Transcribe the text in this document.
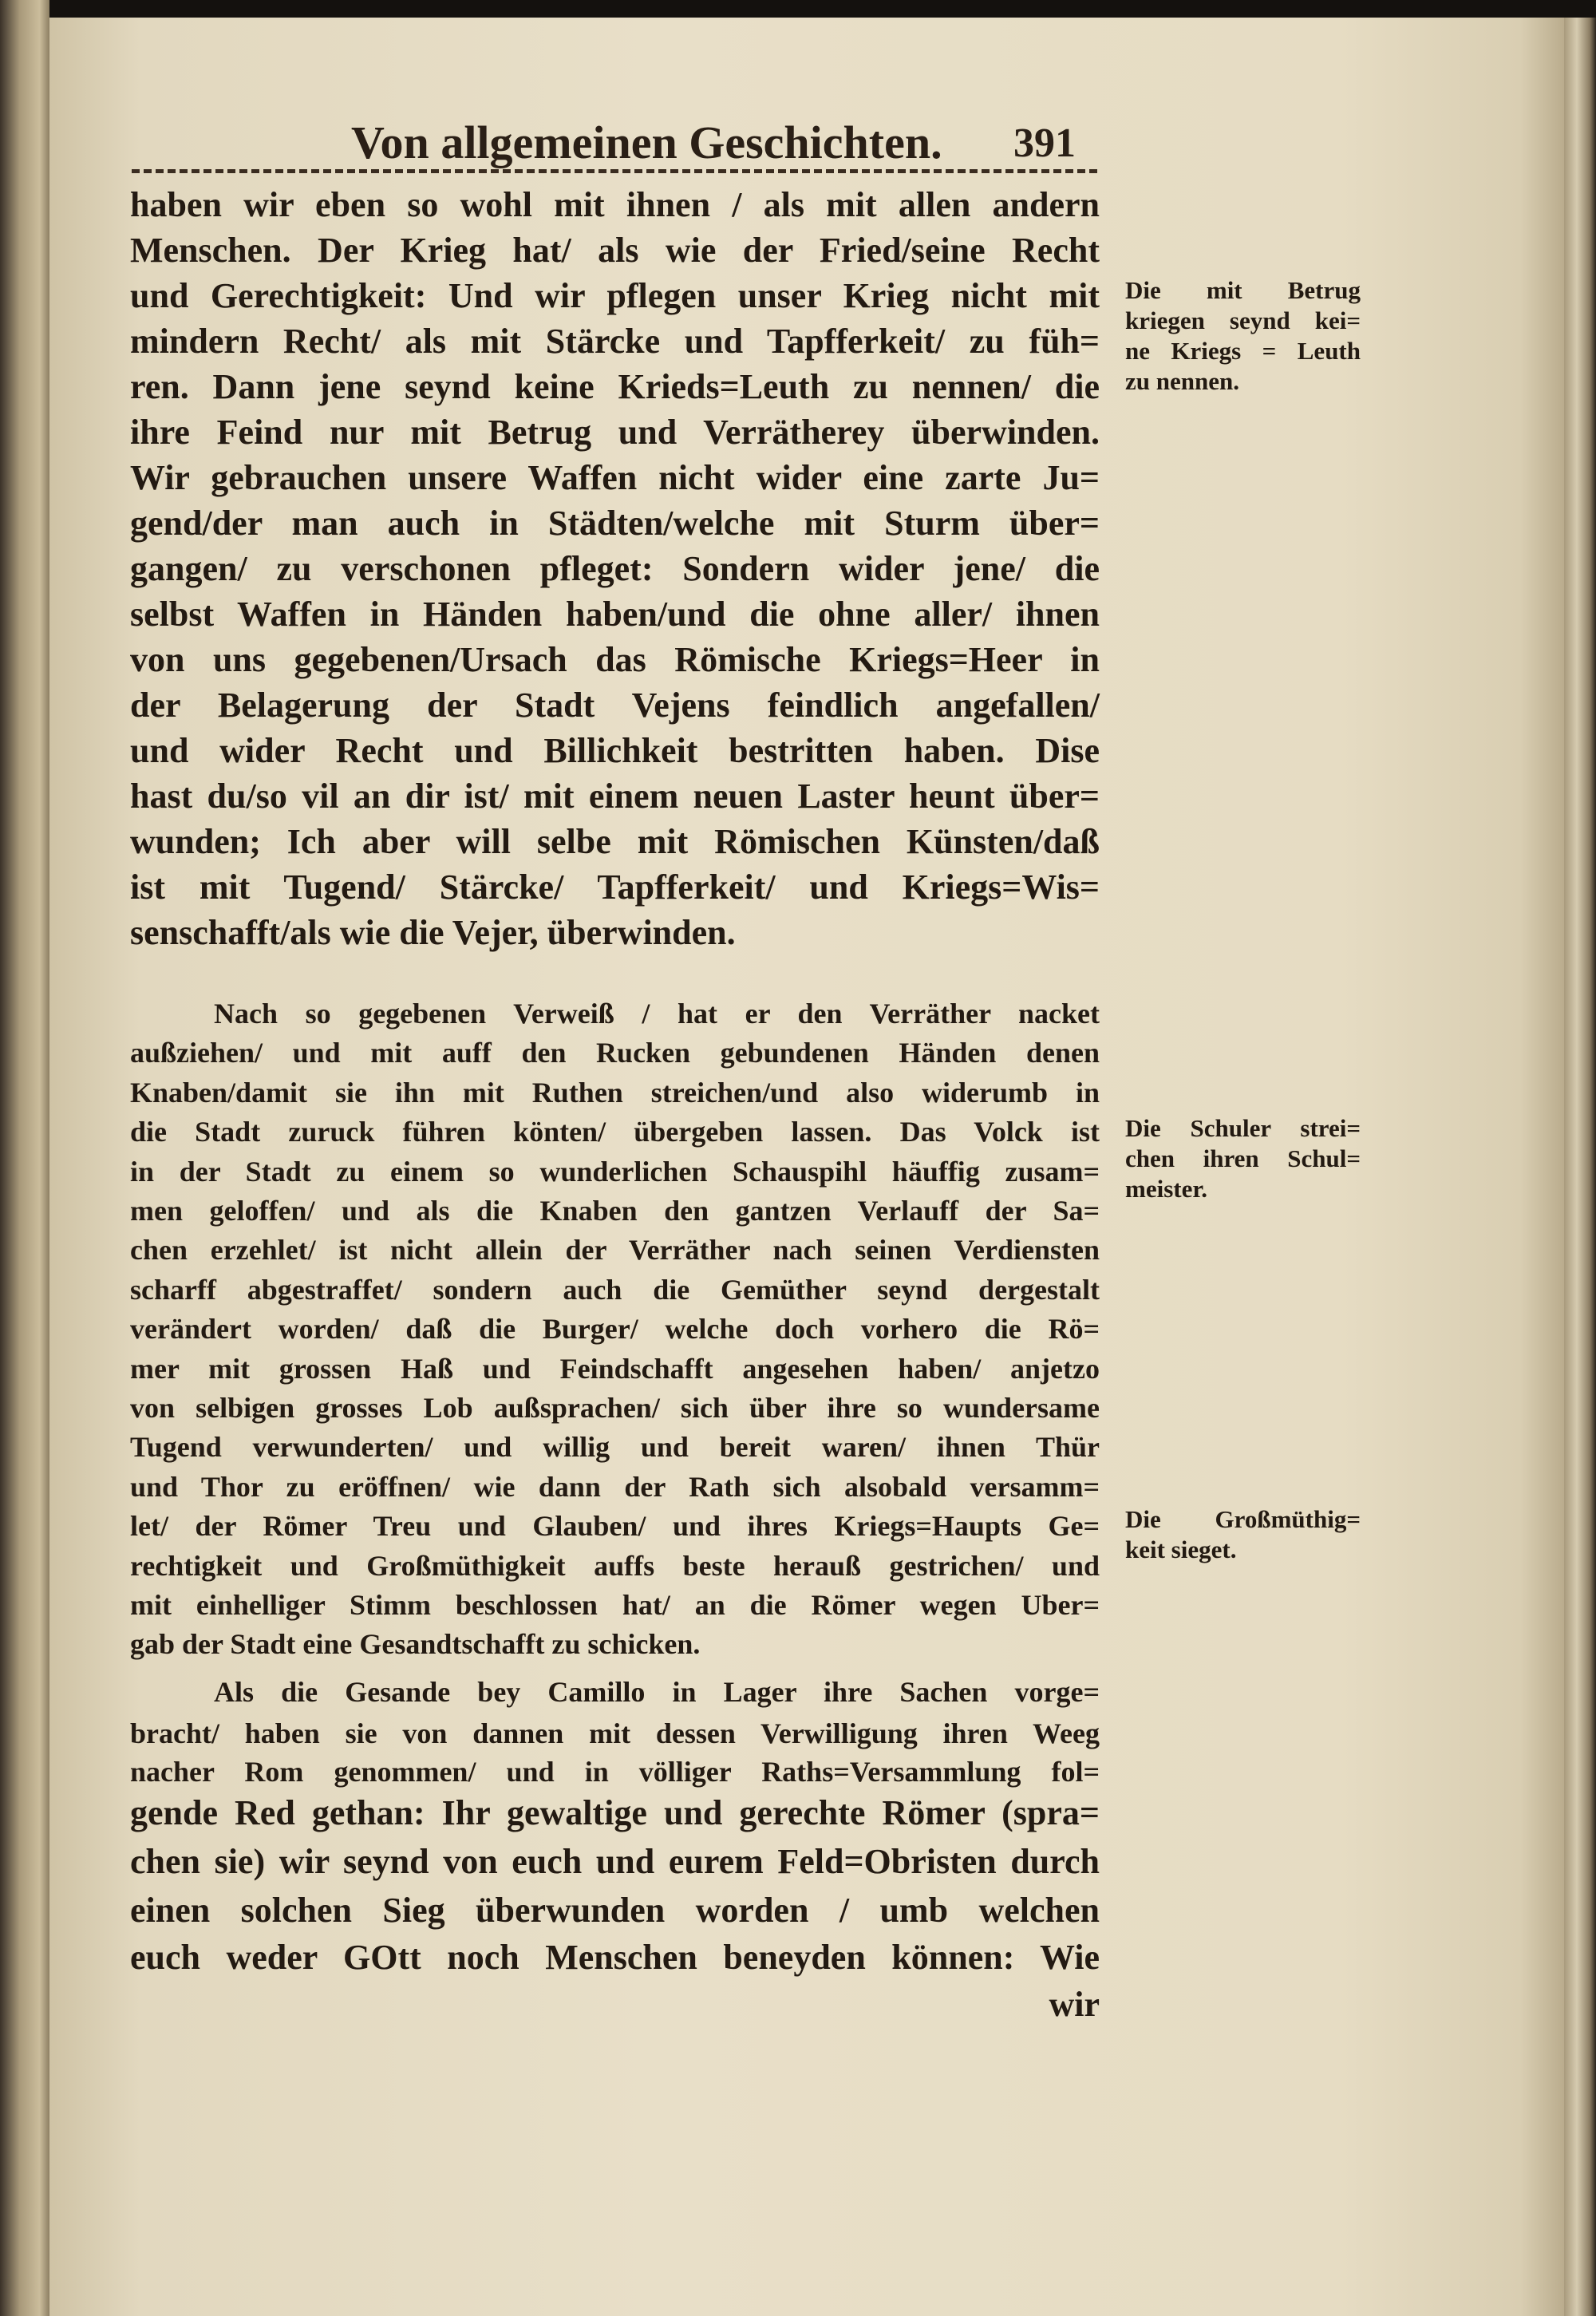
Von allgemeinen Geschichten. 391
haben wir eben so wohl mit ihnen / als mit allen andern
Menschen. Der Krieg hat/ als wie der Fried/seine Recht
und Gerechtigkeit: Und wir pflegen unser Krieg nicht mit
mindern Recht/ als mit Stärcke und Tapfferkeit/ zu füh=
ren. Dann jene seynd keine Krieds=Leuth zu nennen/ die
ihre Feind nur mit Betrug und Verrätherey überwinden.
Wir gebrauchen unsere Waffen nicht wider eine zarte Ju=
gend/der man auch in Städten/welche mit Sturm über=
gangen/ zu verschonen pfleget: Sondern wider jene/ die
selbst Waffen in Händen haben/und die ohne aller/ ihnen
von uns gegebenen/Ursach das Römische Kriegs=Heer in
der Belagerung der Stadt Vejens feindlich angefallen/
und wider Recht und Billichkeit bestritten haben. Dise
hast du/so vil an dir ist/ mit einem neuen Laster heunt über=
wunden; Ich aber will selbe mit Römischen Künsten/daß
ist mit Tugend/ Stärcke/ Tapfferkeit/ und Kriegs=Wis=
senschafft/als wie die Vejer, überwinden.
Nach so gegebenen Verweiß / hat er den Verräther nacket
außziehen/ und mit auff den Rucken gebundenen Händen denen
Knaben/damit sie ihn mit Ruthen streichen/und also widerumb in
die Stadt zuruck führen könten/ übergeben lassen. Das Volck ist
in der Stadt zu einem so wunderlichen Schauspihl häuffig zusam=
men geloffen/ und als die Knaben den gantzen Verlauff der Sa=
chen erzehlet/ ist nicht allein der Verräther nach seinen Verdiensten
scharff abgestraffet/ sondern auch die Gemüther seynd dergestalt
verändert worden/ daß die Burger/ welche doch vorhero die Rö=
mer mit grossen Haß und Feindschafft angesehen haben/ anjetzo
von selbigen grosses Lob außsprachen/ sich über ihre so wundersame
Tugend verwunderten/ und willig und bereit waren/ ihnen Thür
und Thor zu eröffnen/ wie dann der Rath sich alsobald versamm=
let/ der Römer Treu und Glauben/ und ihres Kriegs=Haupts Ge=
rechtigkeit und Großmüthigkeit auffs beste herauß gestrichen/ und
mit einhelliger Stimm beschlossen hat/ an die Römer wegen Uber=
gab der Stadt eine Gesandtschafft zu schicken.
Als die Gesande bey Camillo in Lager ihre Sachen vorge=
bracht/ haben sie von dannen mit dessen Verwilligung ihren Weeg
nacher Rom genommen/ und in völliger Raths=Versammlung fol=
gende Red gethan: Ihr gewaltige und gerechte Römer (spra=
chen sie) wir seynd von euch und eurem Feld=Obristen durch
einen solchen Sieg überwunden worden / umb welchen
euch weder GOtt noch Menschen beneyden können: Wie
wir
Die mit Betrug
kriegen seynd kei=
ne Kriegs = Leuth
zu nennen.
Die Schuler strei=
chen ihren Schul=
meister.
Die Großmüthig=
keit sieget.
